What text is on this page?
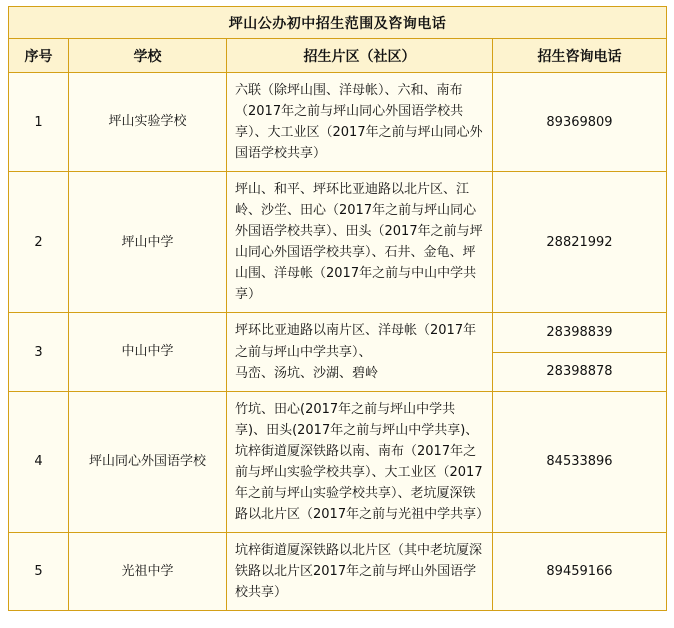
坪山公办初中招生范围及咨询电话			
序号	学校	招生片区（社区）	招生咨询电话
1	坪山实验学校	六联（除坪山围、洋母帐）、六和、南布（2017年之前与坪山同心外国语学校共享）、大工业区（2017年之前与坪山同心外国语学校共享）	89369809
2	坪山中学	坪山、和平、坪环比亚迪路以北片区、江岭、沙坣、田心（2017年之前与坪山同心外国语学校共享）、田头（2017年之前与坪山同心外国语学校共享）、石井、金龟、坪山围、洋母帐（2017年之前与中山中学共享）	28821992
3	中山中学	坪环比亚迪路以南片区、洋母帐（2017年之前与坪山中学共享）、
马峦、汤坑、沙湖、碧岭	28398839
			28398878
4	坪山同心外国语学校	竹坑、田心(2017年之前与坪山中学共享)、田头(2017年之前与坪山中学共享)、坑梓街道厦深铁路以南、南布（2017年之前与坪山实验学校共享）、大工业区（2017年之前与坪山实验学校共享）、老坑厦深铁路以北片区（2017年之前与光祖中学共享）	84533896
5	光祖中学	坑梓街道厦深铁路以北片区（其中老坑厦深铁路以北片区2017年之前与坪山外国语学校共享）	89459166
